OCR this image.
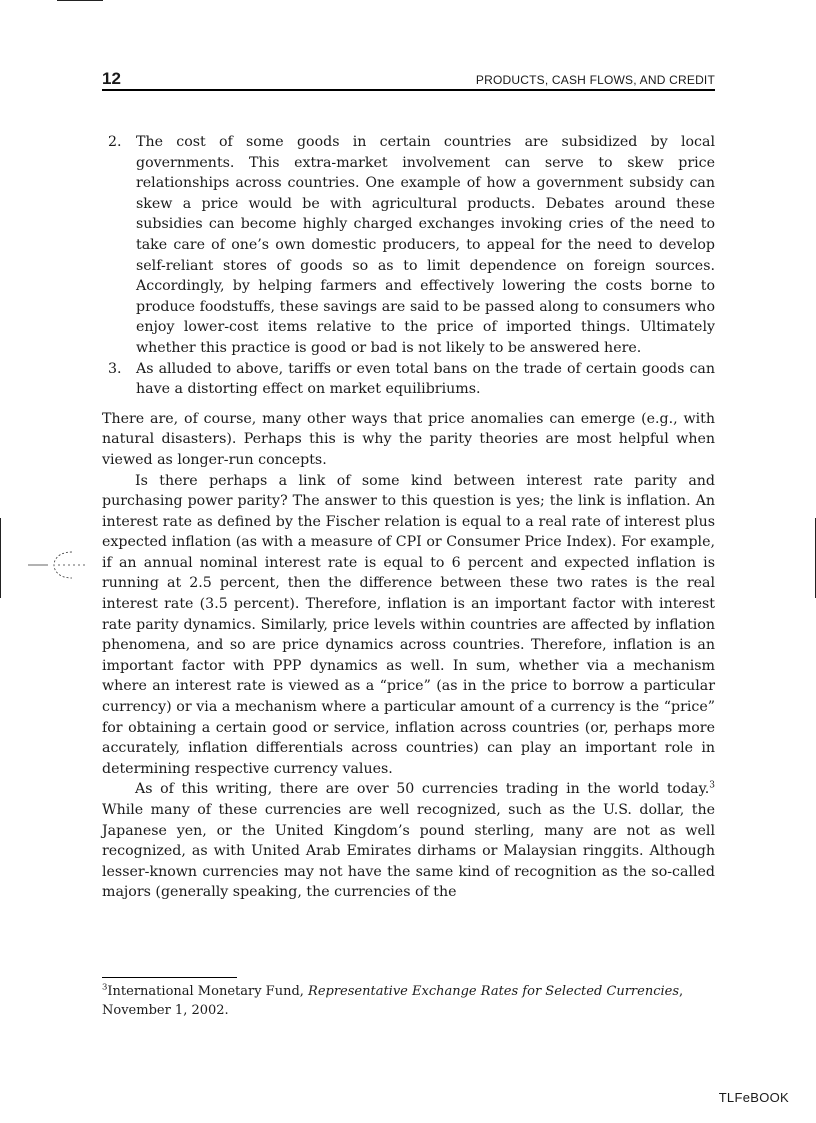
12	PRODUCTS, CASH FLOWS, AND CREDIT
2. The cost of some goods in certain countries are subsidized by local governments. This extra-market involvement can serve to skew price relationships across countries. One example of how a government subsidy can skew a price would be with agricultural products. Debates around these subsidies can become highly charged exchanges invoking cries of the need to take care of one’s own domestic producers, to appeal for the need to develop self-reliant stores of goods so as to limit dependence on foreign sources. Accordingly, by helping farmers and effectively lowering the costs borne to produce foodstuffs, these savings are said to be passed along to consumers who enjoy lower-cost items relative to the price of imported things. Ultimately whether this practice is good or bad is not likely to be answered here.
3. As alluded to above, tariffs or even total bans on the trade of certain goods can have a distorting effect on market equilibriums.

There are, of course, many other ways that price anomalies can emerge (e.g., with natural disasters). Perhaps this is why the parity theories are most helpful when viewed as longer-run concepts.

Is there perhaps a link of some kind between interest rate parity and purchasing power parity? The answer to this question is yes; the link is inflation. An interest rate as defined by the Fischer relation is equal to a real rate of interest plus expected inflation (as with a measure of CPI or Consumer Price Index). For example, if an annual nominal interest rate is equal to 6 percent and expected inflation is running at 2.5 percent, then the difference between these two rates is the real interest rate (3.5 percent). Therefore, inflation is an important factor with interest rate parity dynamics. Similarly, price levels within countries are affected by inflation phenomena, and so are price dynamics across countries. Therefore, inflation is an important factor with PPP dynamics as well. In sum, whether via a mechanism where an interest rate is viewed as a “price” (as in the price to borrow a particular currency) or via a mechanism where a particular amount of a currency is the “price” for obtaining a certain good or service, inflation across countries (or, perhaps more accurately, inflation differentials across countries) can play an important role in determining respective currency values.

As of this writing, there are over 50 currencies trading in the world today.$^3$ While many of these currencies are well recognized, such as the U.S. dollar, the Japanese yen, or the United Kingdom’s pound sterling, many are not as well recognized, as with United Arab Emirates dirhams or Malaysian ringgits. Although lesser-known currencies may not have the same kind of recognition as the so-called majors (generally speaking, the currencies of the

$^3$International Monetary Fund, Representative Exchange Rates for Selected Currencies, November 1, 2002.
TLFeBOOK
